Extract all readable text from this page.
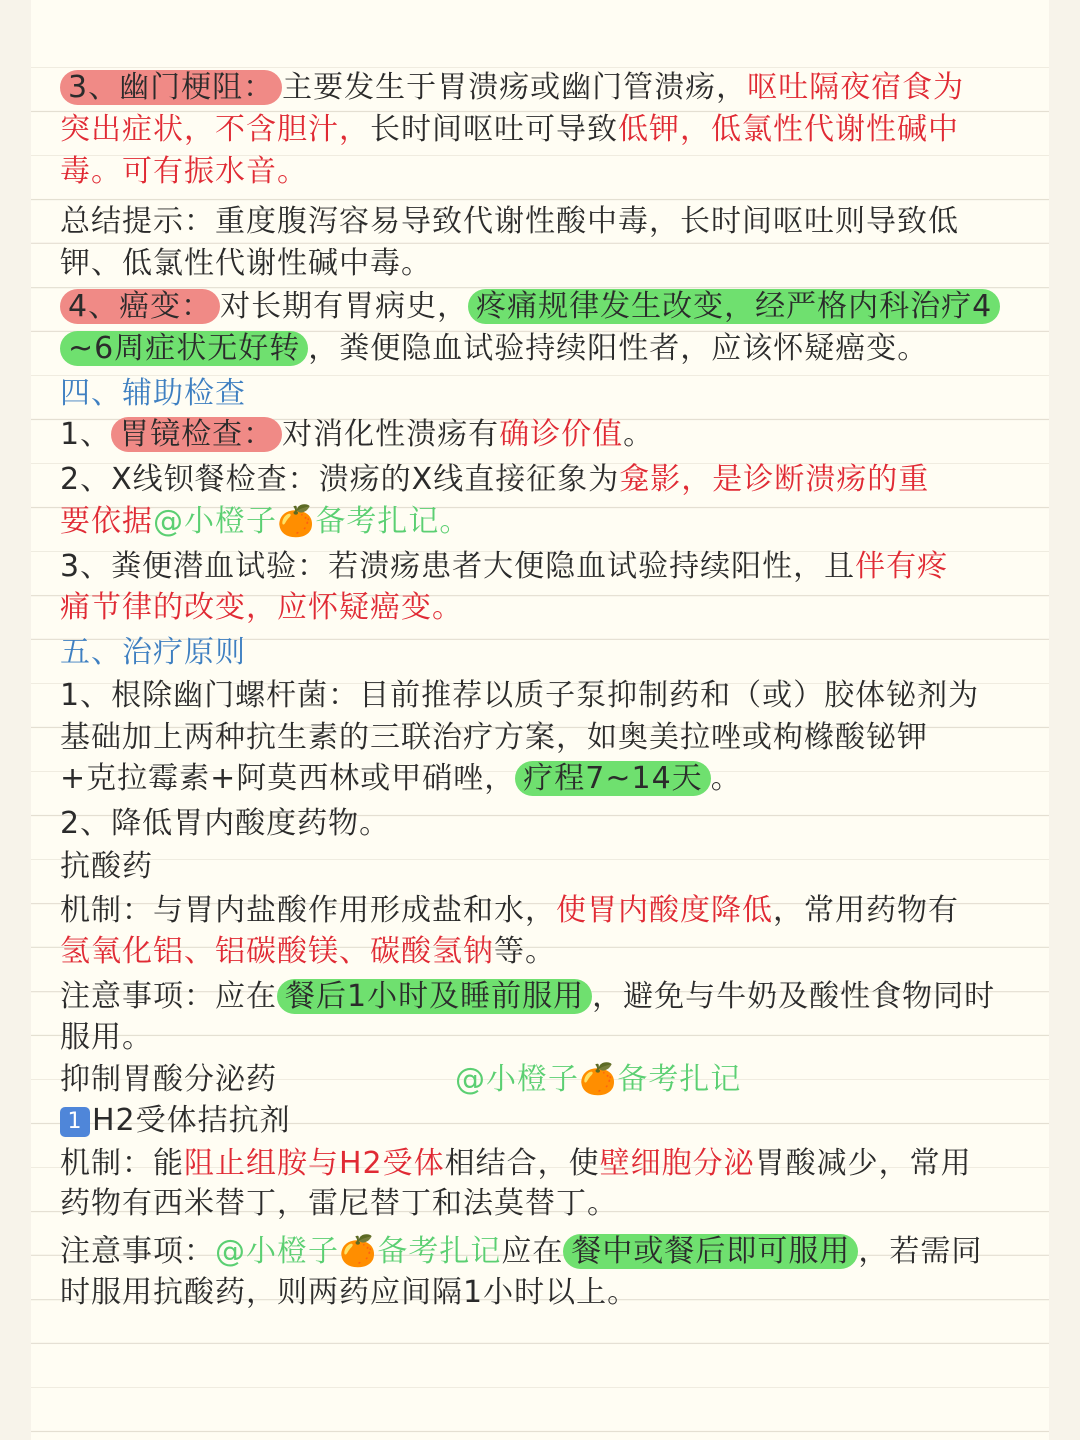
3、幽门梗阻： 主要发生于胃溃疡或幽门管溃疡，呕吐隔夜宿食为
突出症状，不含胆汁，长时间呕吐可导致低钾，低氯性代谢性碱中
毒。可有振水音。
总结提示：重度腹泻容易导致代谢性酸中毒，长时间呕吐则导致低
钾、低氯性代谢性碱中毒。
4、癌变： 对长期有胃病史， 疼痛规律发生改变，经严格内科治疗4
~6周症状无好转 ，粪便隐血试验持续阳性者，应该怀疑癌变。
四、辅助检查
1、 胃镜检查： 对消化性溃疡有确诊价值。
2、X线钡餐检查：溃疡的X线直接征象为龛影，是诊断溃疡的重
要依据@小橙子🍊备考扎记。
3、粪便潜血试验：若溃疡患者大便隐血试验持续阳性，且伴有疼
痛节律的改变，应怀疑癌变。
五、治疗原则
1、根除幽门螺杆菌：目前推荐以质子泵抑制药和（或）胶体铋剂为
基础加上两种抗生素的三联治疗方案，如奥美拉唑或枸橼酸铋钾
+克拉霉素+阿莫西林或甲硝唑， 疗程7~14天 。
2、降低胃内酸度药物。
抗酸药
机制：与胃内盐酸作用形成盐和水，使胃内酸度降低，常用药物有
氢氧化铝、铝碳酸镁、碳酸氢钠等。
注意事项：应在 餐后1小时及睡前服用 ，避免与牛奶及酸性食物同时
服用。
抑制胃酸分泌药	@小橙子🍊备考扎记
1 H2受体拮抗剂
机制：能阻止组胺与H2受体相结合，使壁细胞分泌胃酸减少，常用
药物有西米替丁，雷尼替丁和法莫替丁。
注意事项：@小橙子🍊备考扎记应在 餐中或餐后即可服用 ，若需同
时服用抗酸药，则两药应间隔1小时以上。
